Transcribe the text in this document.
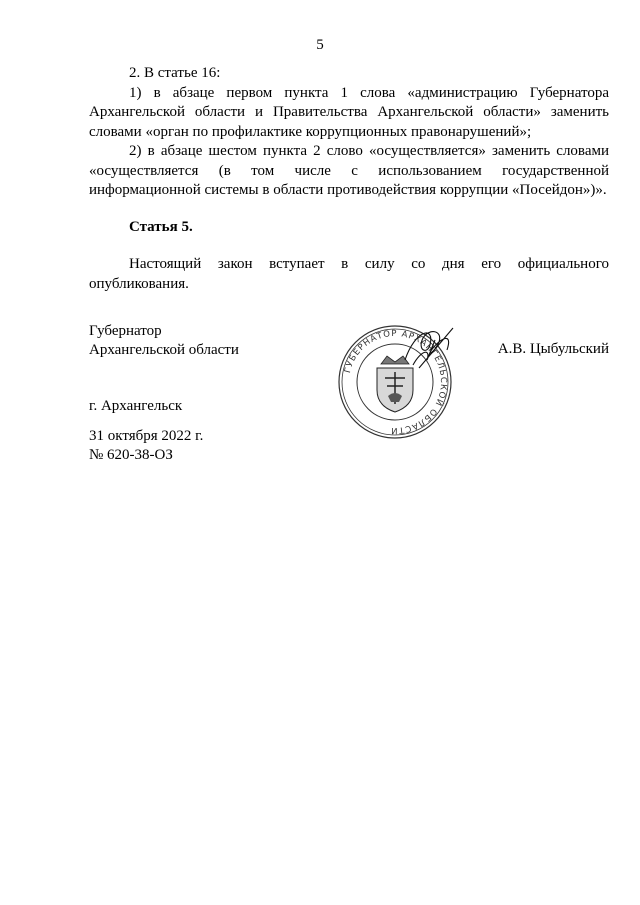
5

2. В статье 16:

1) в абзаце первом пункта 1 слова «администрацию Губернатора Архангельской области и Правительства Архангельской области» заменить словами «орган по профилактике коррупционных правонарушений»;

2) в абзаце шестом пункта 2 слово «осуществляется» заменить словами «осуществляется (в том числе с использованием государственной информационной системы в области противодействия коррупции «Посейдон»)».

Статья 5.

Настоящий закон вступает в силу со дня его официального опубликования.

Губернатор
Архангельской области	А.В. Цыбульский
ГУБЕРНАТОР АРХАНГЕЛЬСКОЙ ОБЛАСТИ
г. Архангельск
31 октября 2022 г.
№ 620-38-ОЗ
